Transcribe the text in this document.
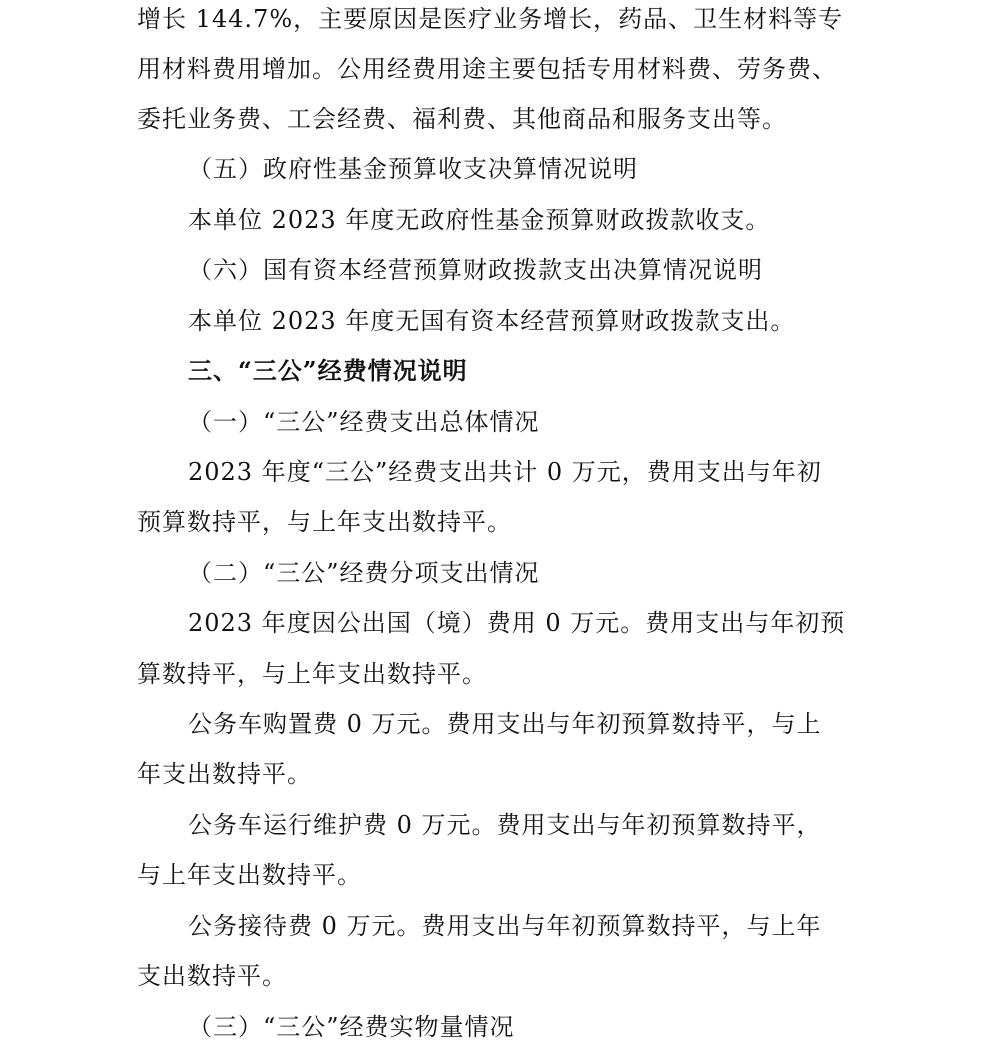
增长 144.7%，主要原因是医疗业务增长，药品、卫生材料等专
用材料费用增加。公用经费用途主要包括专用材料费、劳务费、
委托业务费、工会经费、福利费、其他商品和服务支出等。
（五）政府性基金预算收支决算情况说明
本单位 2023 年度无政府性基金预算财政拨款收支。
（六）国有资本经营预算财政拨款支出决算情况说明
本单位 2023 年度无国有资本经营预算财政拨款支出。
三、“三公”经费情况说明
（一）“三公”经费支出总体情况
2023 年度“三公”经费支出共计 0 万元，费用支出与年初
预算数持平，与上年支出数持平。
（二）“三公”经费分项支出情况
2023 年度因公出国（境）费用 0 万元。费用支出与年初预
算数持平，与上年支出数持平。
公务车购置费 0 万元。费用支出与年初预算数持平，与上
年支出数持平。
公务车运行维护费 0 万元。费用支出与年初预算数持平，
与上年支出数持平。
公务接待费 0 万元。费用支出与年初预算数持平，与上年
支出数持平。
（三）“三公”经费实物量情况
